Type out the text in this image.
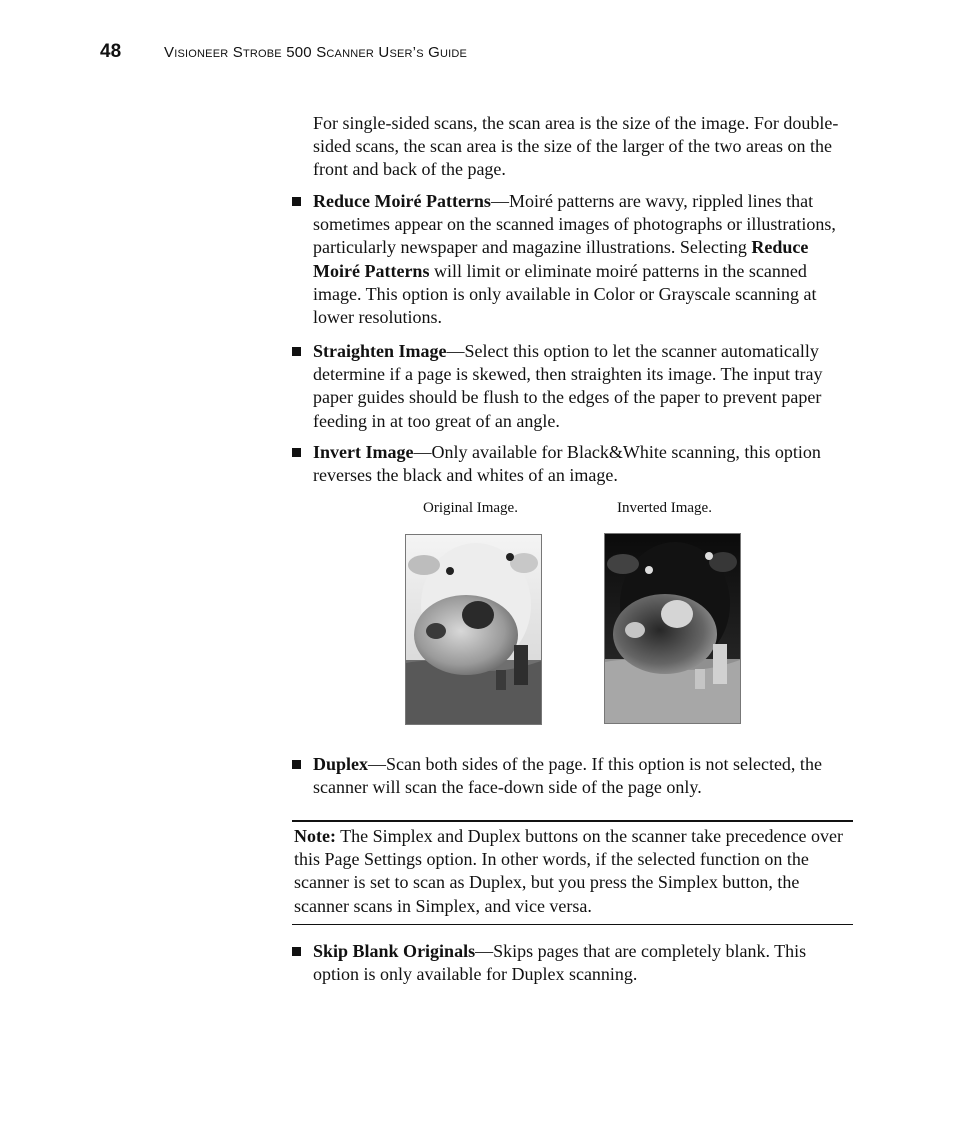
48	Visioneer Strobe 500 Scanner User’s Guide
For single-sided scans, the scan area is the size of the image. For double-sided scans, the scan area is the size of the larger of the two areas on the front and back of the page.
Reduce Moiré Patterns—Moiré patterns are wavy, rippled lines that sometimes appear on the scanned images of photographs or illustrations, particularly newspaper and magazine illustrations. Selecting Reduce Moiré Patterns will limit or eliminate moiré patterns in the scanned image. This option is only available in Color or Grayscale scanning at lower resolutions.
Straighten Image—Select this option to let the scanner automatically determine if a page is skewed, then straighten its image. The input tray paper guides should be flush to the edges of the paper to prevent paper feeding in at too great of an angle.
Invert Image—Only available for Black&White scanning, this option reverses the black and whites of an image.
Original Image.	Inverted Image.
Duplex—Scan both sides of the page. If this option is not selected, the scanner will scan the face-down side of the page only.
Note: The Simplex and Duplex buttons on the scanner take precedence over this Page Settings option. In other words, if the selected function on the scanner is set to scan as Duplex, but you press the Simplex button, the scanner scans in Simplex, and vice versa.
Skip Blank Originals—Skips pages that are completely blank. This option is only available for Duplex scanning.
